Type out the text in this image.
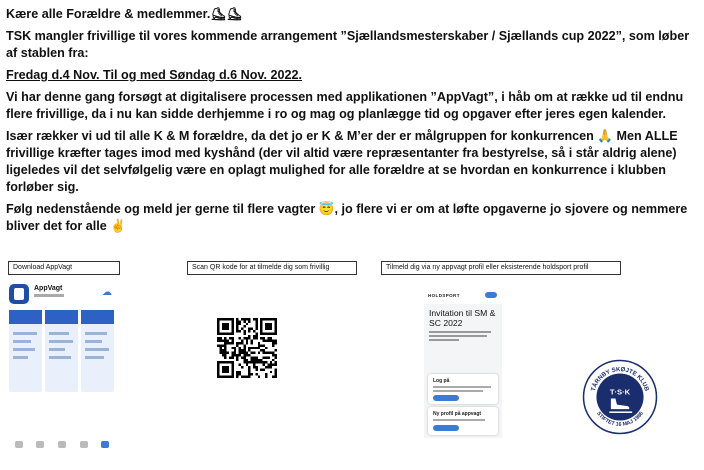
Kære alle Forældre & medlemmer.⛸⛸

TSK mangler frivillige til vores kommende arrangement ”Sjællandsmesterskaber / Sjællands cup 2022”, som løber af stablen fra:

Fredag d.4 Nov. Til og med Søndag d.6 Nov. 2022.

Vi har denne gang forsøgt at digitalisere processen med applikationen ”AppVagt”, i håb om at række ud til endnu flere frivillige, da i nu kan sidde derhjemme i ro og mag og planlægge tid og opgaver efter jeres egen kalender.

Især rækker vi ud til alle K & M forældre, da det jo er K & M’er der er målgruppen for konkurrencen 🙏 Men ALLE frivillige kræfter tages imod med kyshånd (der vil altid være repræsentanter fra bestyrelse, så i står aldrig alene) ligeledes vil det selvfølgelig være en oplagt mulighed for alle forældre at se hvordan en konkurrence i klubben forløber sig.

Følg nedenstående og meld jer gerne til flere vagter 😇, jo flere vi er om at løfte opgaverne jo sjovere og nemmere bliver det for alle ✌

Download AppVagt	Scan QR kode for at tilmelde dig som frivillig	Tilmeld dig via ny appvagt profil eller eksisterende holdsport profil
AppVagt	☁	HOLDSPORT
Invitation til SM & SC 2022
Log på
Ny profil på appvagt
TÅRNBY SKØJTE KLUB
STIFTET 16 MAJ 1986
T·S·K
